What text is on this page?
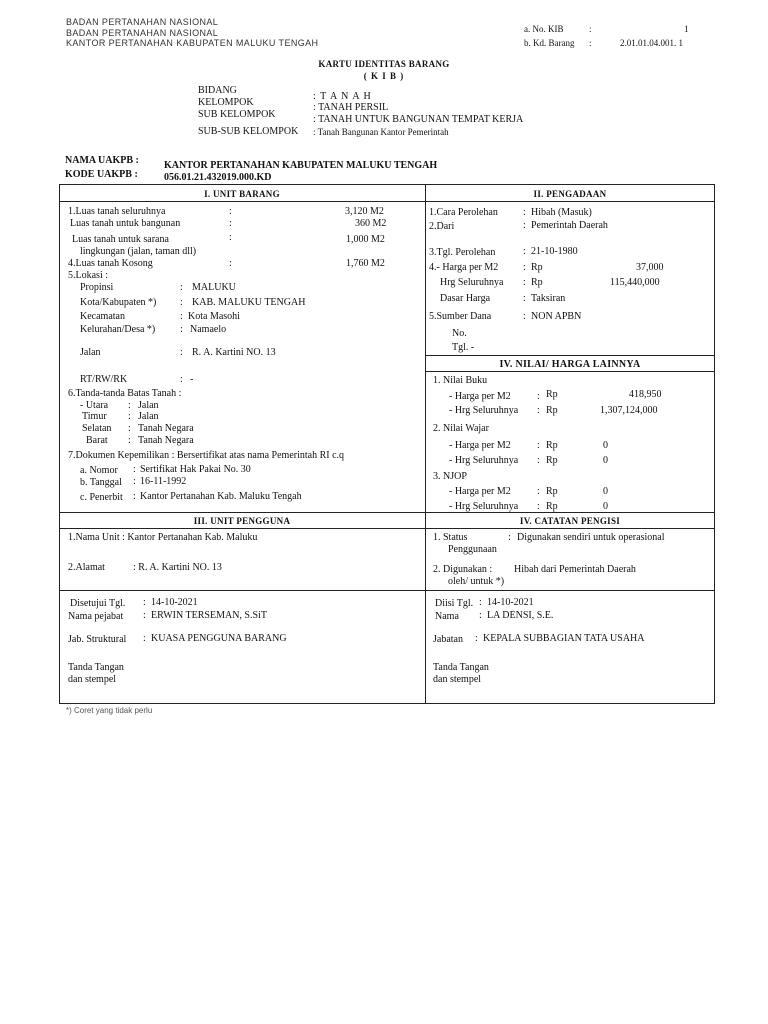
BADAN PERTANAHAN NASIONAL
BADAN PERTANAHAN NASIONAL
KANTOR PERTANAHAN KABUPATEN MALUKU TENGAH
a. No. KIB	:	1
b. Kd. Barang :	2.01.01.04.001. 1
KARTU IDENTITAS BARANG
( K I B )
BIDANG
: T A N A H
KELOMPOK	: TANAH PERSIL
SUB KELOMPOK	: TANAH UNTUK BANGUNAN TEMPAT KERJA
SUB-SUB KELOMPOK : Tanah Bangunan Kantor Pemerintah
NAMA UAKPB :	KANTOR PERTANAHAN KABUPATEN MALUKU TENGAH
KODE UAKPB :	056.01.21.432019.000.KD
I. UNIT BARANG	II. PENGADAAN
IV. NILAI/ HARGA LAINNYA
III. UNIT PENGGUNA	IV. CATATAN PENGISI
1.Luas tanah seluruhnya	:	3,120 M2
Luas tanah untuk bangunan	:	360 M2
Luas tanah untuk sarana	:	1,000 M2
lingkungan (jalan, taman dll)
4.Luas tanah Kosong	:	1,760 M2
5.Lokasi :
Propinsi	: MALUKU
Kota/Kabupaten *) : KAB. MALUKU TENGAH
Kecamatan	: Kota Masohi
Kelurahan/Desa *) : Namaelo
Jalan	: R. A. Kartini NO. 13
RT/RW/RK	: -
6.Tanda-tanda Batas Tanah :
- Utara : Jalan
Timur : Jalan
Selatan : Tanah Negara
Barat : Tanah Negara
7.Dokumen Kepemilikan : Bersertifikat atas nama Pemerintah RI c.q
a. Nomor : Sertifikat Hak Pakai No. 30
b. Tanggal : 16-11-1992
c. Penerbit : Kantor Pertanahan Kab. Maluku Tengah
1.Cara Perolehan	: Hibah (Masuk)
2.Dari	: Pemerintah Daerah
3.Tgl. Perolehan	: 21-10-1980
4.- Harga per M2 : Rp	37,000
Hrg Seluruhnya : Rp	115,440,000
Dasar Harga	: Taksiran
5.Sumber Dana	: NON APBN
No.
Tgl. -
1. Nilai Buku
- Harga per M2	: Rp	418,950
- Hrg Seluruhnya : Rp	1,307,124,000
2. Nilai Wajar
- Harga per M2	: Rp	0
- Hrg Seluruhnya : Rp	0
3. NJOP
- Harga per M2	: Rp	0
- Hrg Seluruhnya : Rp	0
1.Nama Unit : Kantor Pertanahan Kab. Maluku
2.Alamat	: R. A. Kartini NO. 13
Disetujui Tgl. : 14-10-2021
Nama pejabat : ERWIN TERSEMAN, S.SiT
Jab. Struktural : KUASA PENGGUNA BARANG
Tanda Tangan
dan stempel
1. Status	: Digunakan sendiri untuk operasional
Penggunaan
2. Digunakan : Hibah dari Pemerintah Daerah
oleh/ untuk *)
Diisi Tgl. : 14-10-2021
Nama : LA DENSI, S.E.
Jabatan : KEPALA SUBBAGIAN TATA USAHA
Tanda Tangan
dan stempel
*) Coret yang tidak perlu
